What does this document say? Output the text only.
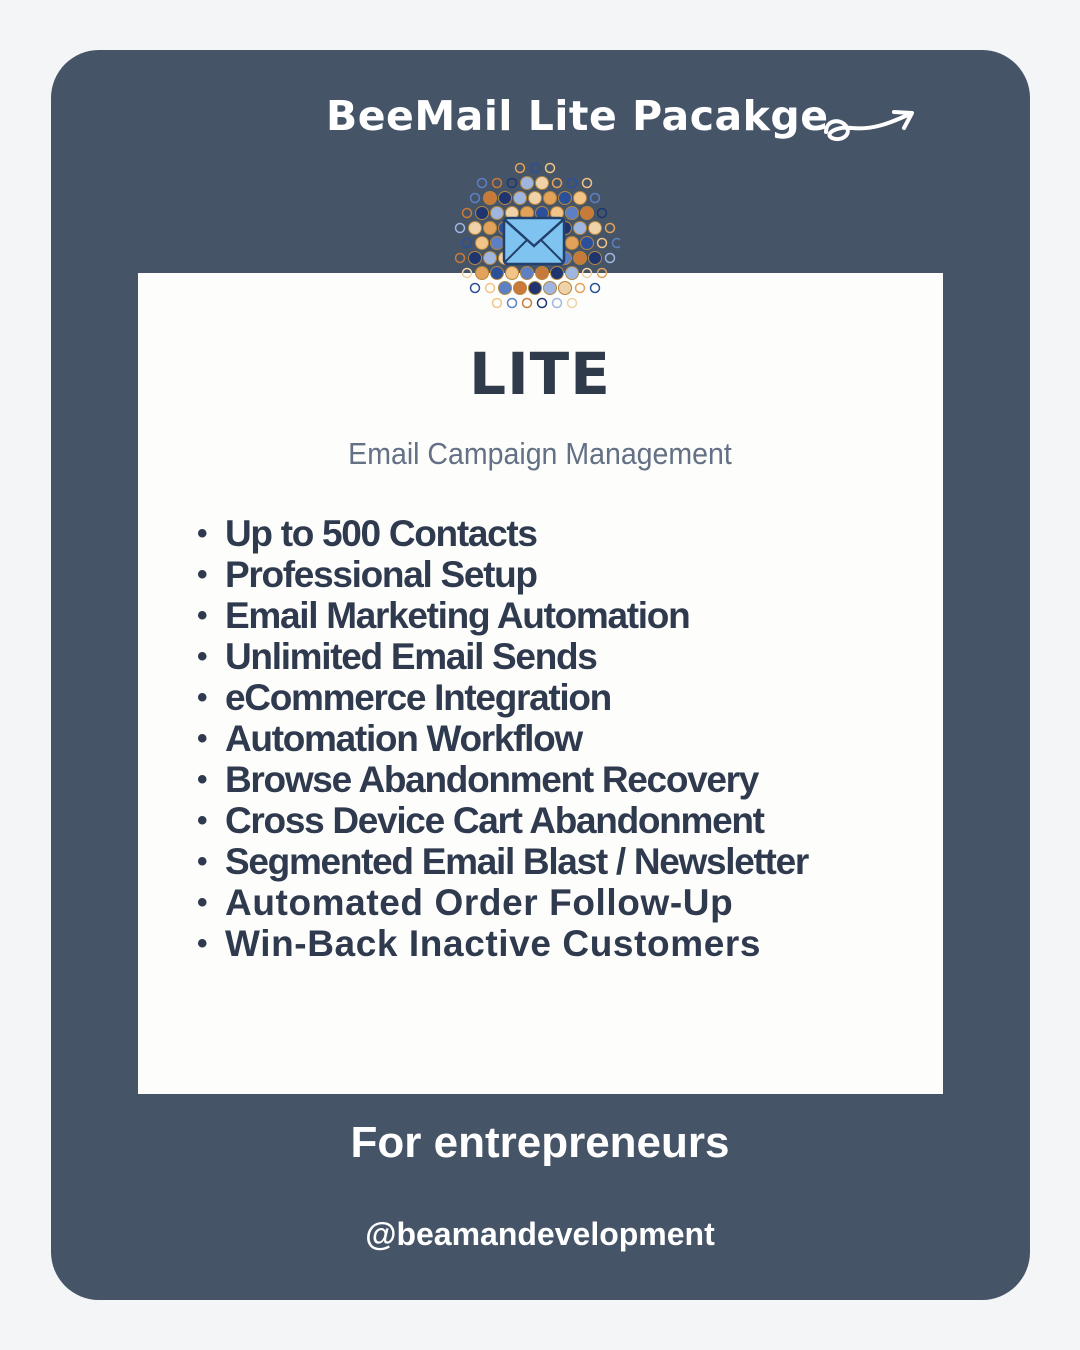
BeeMail Lite Pacakge
LITE
Email Campaign Management
• Up to 500 Contacts
• Professional Setup
• Email Marketing Automation
• Unlimited Email Sends
• eCommerce Integration
• Automation Workflow
• Browse Abandonment Recovery
• Cross Device Cart Abandonment
• Segmented Email Blast / Newsletter
• Automated Order Follow-Up
• Win-Back Inactive Customers
For entrepreneurs
@beamandevelopment
